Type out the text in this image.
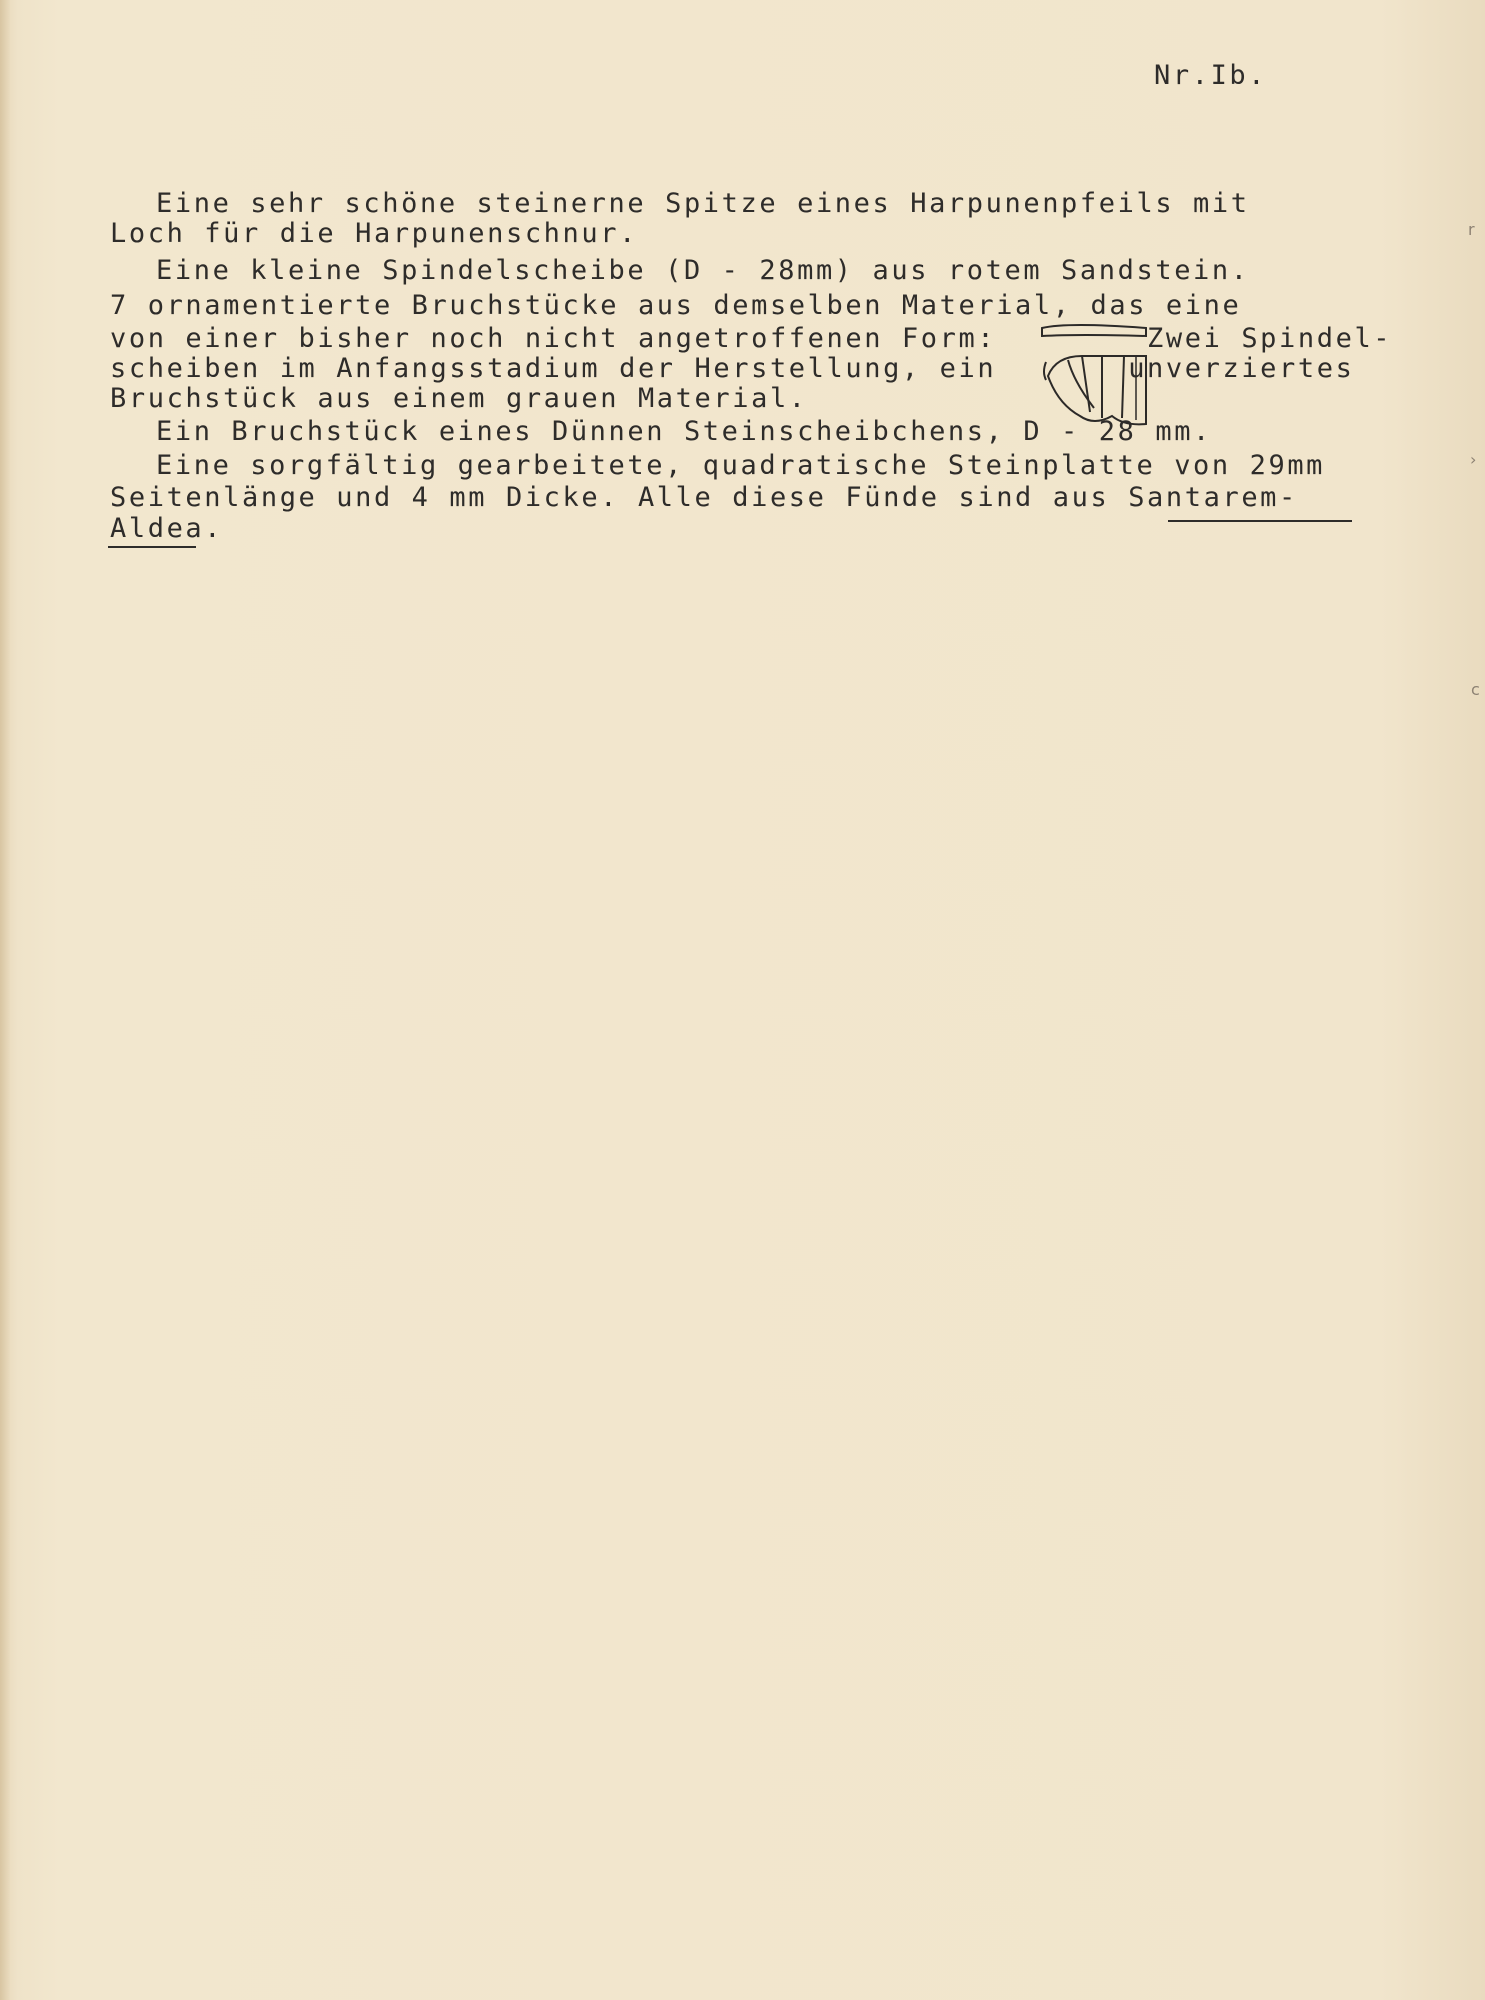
Nr.Ib.
Eine sehr schöne steinerne Spitze eines Harpunenpfeils mit
Loch für die Harpunenschnur.
Eine kleine Spindelscheibe (D - 28mm) aus rotem Sandstein.
7 ornamentierte Bruchstücke aus demselben Material, das eine
von einer bisher noch nicht angetroffenen Form:        Zwei Spindel-
scheiben im Anfangsstadium der Herstellung, ein       unverziertes
Bruchstück aus einem grauen Material.
Ein Bruchstück eines Dünnen Steinscheibchens, D - 28 mm.
Eine sorgfältig gearbeitete, quadratische Steinplatte von 29mm
Seitenlänge und 4 mm Dicke. Alle diese Fünde sind aus Santarem-
Aldea.
r
›
c
